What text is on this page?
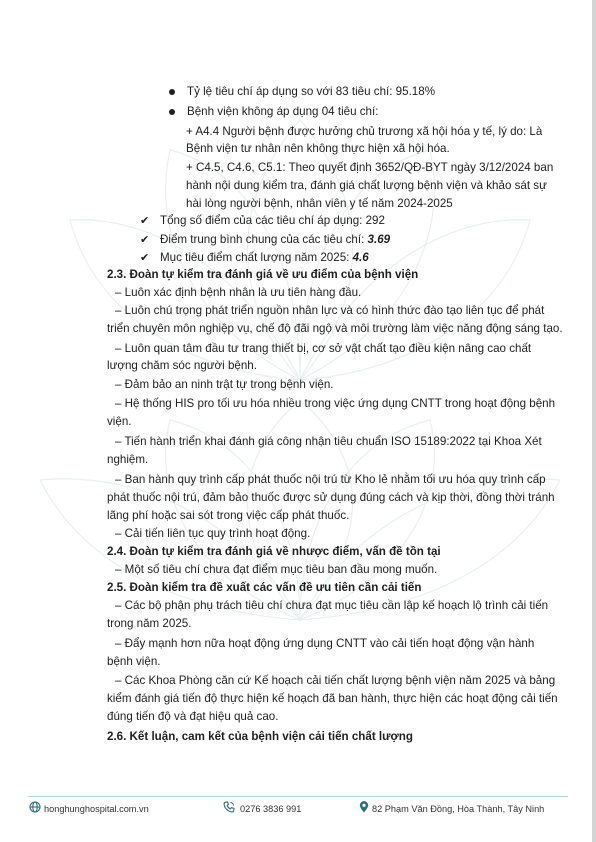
Tỷ lệ tiêu chí áp dụng so với 83 tiêu chí: 95.18%
Bệnh viện không áp dụng 04 tiêu chí:
+ A4.4 Người bệnh được hưởng chủ trương xã hội hóa y tế, lý do: Là
Bệnh viện tư nhân nên không thực hiện xã hội hóa.
+ C4.5, C4.6, C5.1: Theo quyết định 3652/QĐ-BYT ngày 3/12/2024 ban
hành nội dung kiểm tra, đánh giá chất lượng bệnh viện và khảo sát sự
hài lòng người bệnh, nhân viên y tế năm 2024-2025
✔ Tổng số điểm của các tiêu chí áp dụng: 292
✔ Điểm trung bình chung của các tiêu chí: 3.69
✔ Mục tiêu điểm chất lượng năm 2025: 4.6
2.3. Đoàn tự kiểm tra đánh giá về ưu điểm của bệnh viện
– Luôn xác định bệnh nhân là ưu tiên hàng đầu.
– Luôn chú trọng phát triển nguồn nhân lực và có hình thức đào tạo liên tục để phát
triển chuyên môn nghiệp vụ, chế độ đãi ngộ và môi trường làm việc năng động sáng tạo.
– Luôn quan tâm đầu tư trang thiết bị, cơ sở vật chất tạo điều kiện nâng cao chất
lượng chăm sóc người bệnh.
– Đảm bảo an ninh trật tự trong bệnh viện.
– Hệ thống HIS pro tối ưu hóa nhiều trong việc ứng dụng CNTT trong hoạt động bệnh
viện.
– Tiến hành triển khai đánh giá công nhận tiêu chuẩn ISO 15189:2022 tại Khoa Xét
nghiệm.
– Ban hành quy trình cấp phát thuốc nội trú từ Kho lẻ nhằm tối ưu hóa quy trình cấp
phát thuốc nội trú, đảm bảo thuốc được sử dụng đúng cách và kịp thời, đồng thời tránh
lãng phí hoặc sai sót trong việc cấp phát thuốc.
– Cải tiến liên tục quy trình hoạt động.
2.4. Đoàn tự kiểm tra đánh giá về nhược điểm, vấn đề tồn tại
– Một số tiêu chí chưa đạt điểm mục tiêu ban đầu mong muốn.
2.5. Đoàn kiểm tra đề xuất các vấn đề ưu tiên cần cải tiến
– Các bộ phận phụ trách tiêu chí chưa đạt mục tiêu cần lập kế hoạch lộ trình cải tiến
trong năm 2025.
– Đẩy mạnh hơn nữa hoạt động ứng dụng CNTT vào cải tiến hoạt động vận hành
bệnh viện.
– Các Khoa Phòng căn cứ Kế hoạch cải tiến chất lượng bệnh viện năm 2025 và bảng
kiểm đánh giá tiến độ thực hiện kế hoạch đã ban hành, thực hiện các hoạt động cải tiến
đúng tiến độ và đạt hiệu quả cao.
2.6. Kết luận, cam kết của bệnh viện cải tiến chất lượng
honghunghospital.com.vn	0276 3836 991	82 Phạm Văn Đồng, Hòa Thành, Tây Ninh
